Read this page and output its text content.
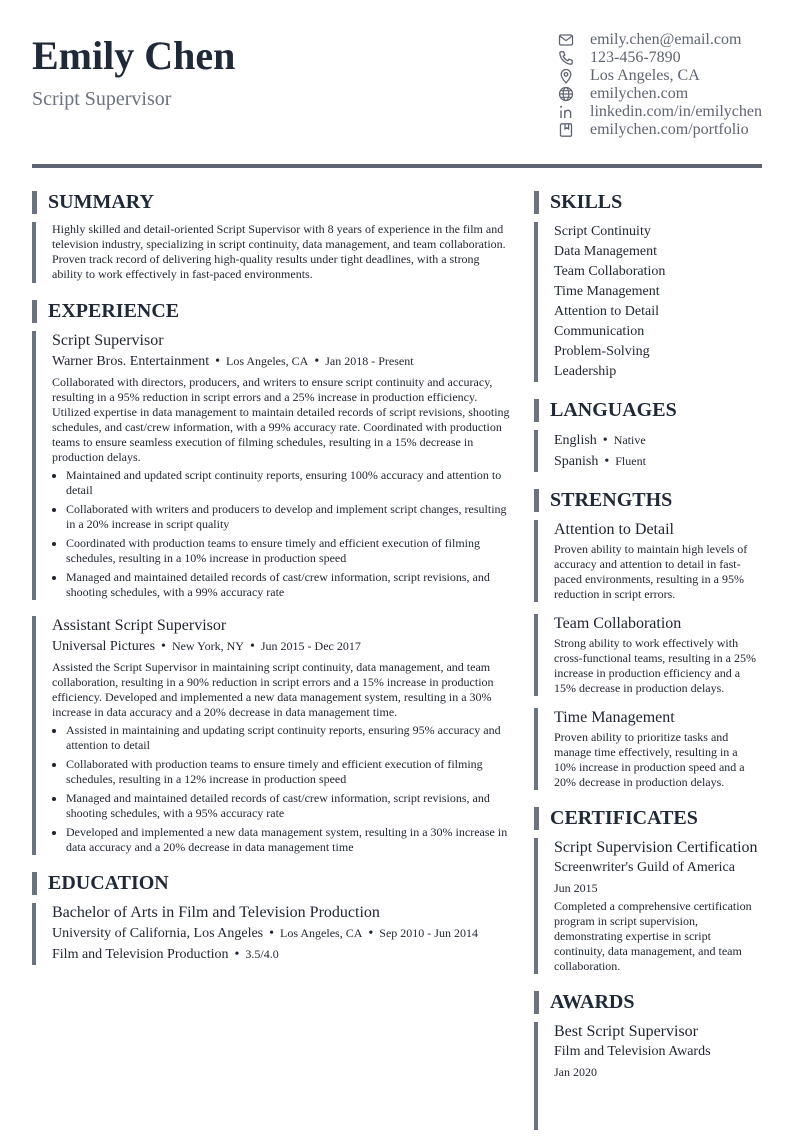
Emily Chen
Script Supervisor
emily.chen@email.com
123-456-7890
Los Angeles, CA
emilychen.com
linkedin.com/in/emilychen
emilychen.com/portfolio
SUMMARY
Highly skilled and detail-oriented Script Supervisor with 8 years of experience in the film and television industry, specializing in script continuity, data management, and team collaboration. Proven track record of delivering high-quality results under tight deadlines, with a strong ability to work effectively in fast-paced environments.
EXPERIENCE
Script Supervisor
Warner Bros. Entertainment • Los Angeles, CA • Jan 2018 - Present
Collaborated with directors, producers, and writers to ensure script continuity and accuracy, resulting in a 95% reduction in script errors and a 25% increase in production efficiency. Utilized expertise in data management to maintain detailed records of script revisions, shooting schedules, and cast/crew information, with a 99% accuracy rate. Coordinated with production teams to ensure seamless execution of filming schedules, resulting in a 15% decrease in production delays.
• Maintained and updated script continuity reports, ensuring 100% accuracy and attention to detail
• Collaborated with writers and producers to develop and implement script changes, resulting in a 20% increase in script quality
• Coordinated with production teams to ensure timely and efficient execution of filming schedules, resulting in a 10% increase in production speed
• Managed and maintained detailed records of cast/crew information, script revisions, and shooting schedules, with a 99% accuracy rate
Assistant Script Supervisor
Universal Pictures • New York, NY • Jun 2015 - Dec 2017
Assisted the Script Supervisor in maintaining script continuity, data management, and team collaboration, resulting in a 90% reduction in script errors and a 15% increase in production efficiency. Developed and implemented a new data management system, resulting in a 30% increase in data accuracy and a 20% decrease in data management time.
• Assisted in maintaining and updating script continuity reports, ensuring 95% accuracy and attention to detail
• Collaborated with production teams to ensure timely and efficient execution of filming schedules, resulting in a 12% increase in production speed
• Managed and maintained detailed records of cast/crew information, script revisions, and shooting schedules, with a 95% accuracy rate
• Developed and implemented a new data management system, resulting in a 30% increase in data accuracy and a 20% decrease in data management time
EDUCATION
Bachelor of Arts in Film and Television Production
University of California, Los Angeles • Los Angeles, CA • Sep 2010 - Jun 2014
Film and Television Production • 3.5/4.0
SKILLS
Script Continuity
Data Management
Team Collaboration
Time Management
Attention to Detail
Communication
Problem-Solving
Leadership
LANGUAGES
English • Native
Spanish • Fluent
STRENGTHS
Attention to Detail
Proven ability to maintain high levels of accuracy and attention to detail in fast-paced environments, resulting in a 95% reduction in script errors.
Team Collaboration
Strong ability to work effectively with cross-functional teams, resulting in a 25% increase in production efficiency and a 15% decrease in production delays.
Time Management
Proven ability to prioritize tasks and manage time effectively, resulting in a 10% increase in production speed and a 20% decrease in production delays.
CERTIFICATES
Script Supervision Certification
Screenwriter's Guild of America
Jun 2015
Completed a comprehensive certification program in script supervision, demonstrating expertise in script continuity, data management, and team collaboration.
AWARDS
Best Script Supervisor
Film and Television Awards
Jan 2020
